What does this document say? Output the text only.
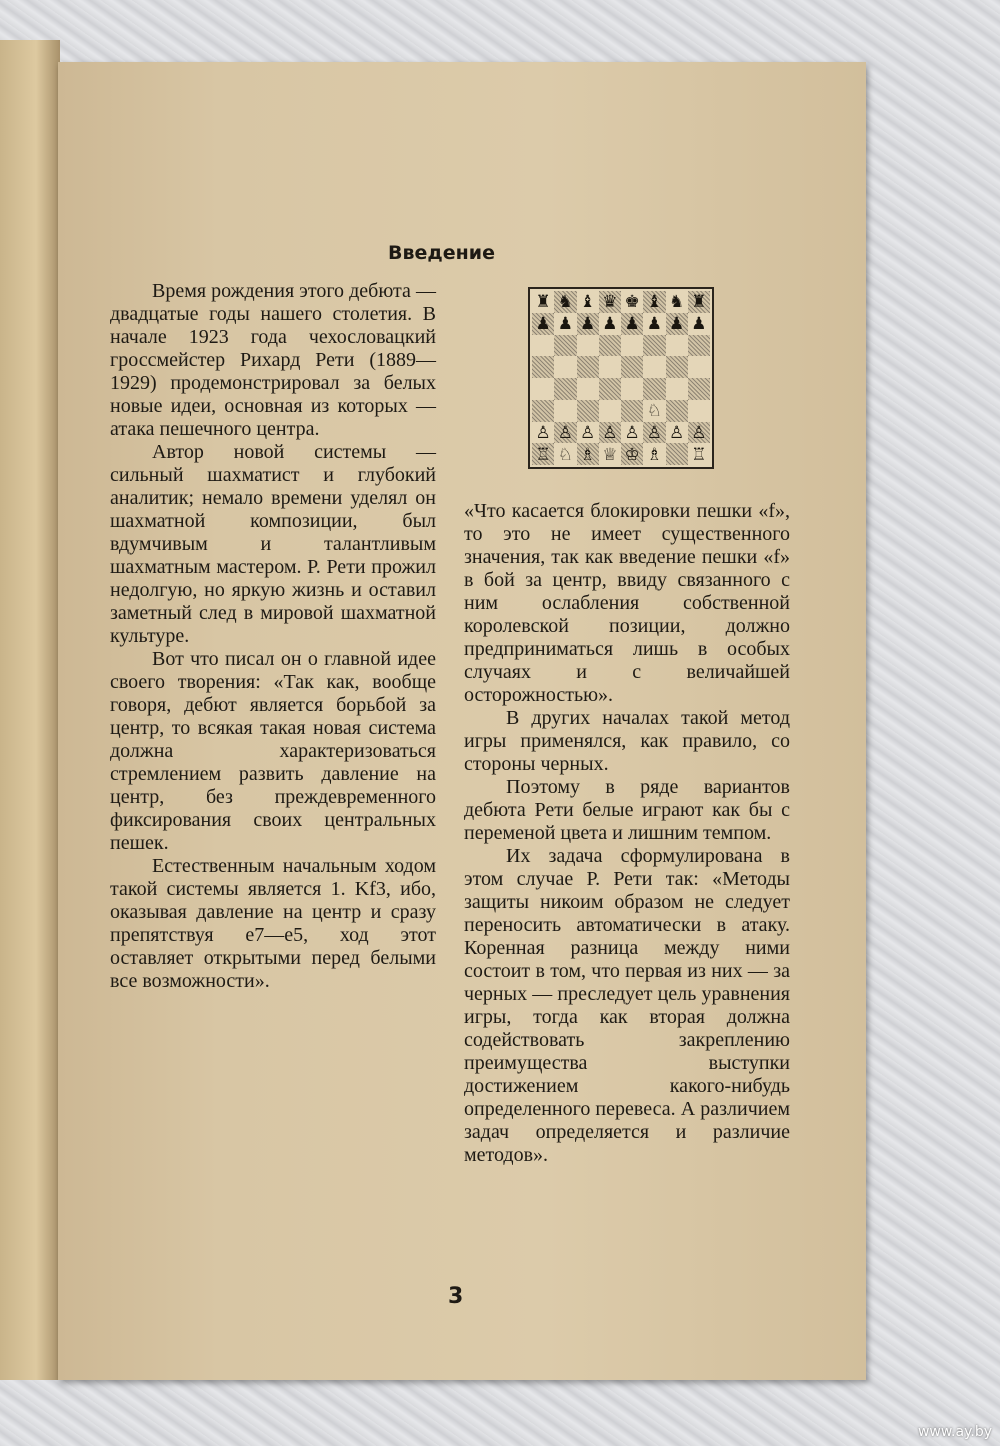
Введение

Время рождения этого дебюта — двадцатые годы нашего столетия. В начале 1923 года чехословацкий гроссмейстер Рихард Рети (1889—1929) продемонстрировал за белых новые идеи, основная из которых — атака пешечного центра.

Автор новой системы — сильный шахматист и глубокий аналитик; немало времени уделял он шахматной композиции, был вдумчивым и талантливым шахматным мастером. Р. Рети прожил недолгую, но яркую жизнь и оставил заметный след в мировой шахматной культуре.

Вот что писал он о главной идее своего творения: «Так как, вообще говоря, дебют является борьбой за центр, то всякая такая новая система должна характеризоваться стремлением развить давление на центр, без преждевременного фиксирования своих центральных пешек.

Естественным начальным ходом такой системы является 1. Kf3, ибо, оказывая давление на центр и сразу препятствуя е7—е5, ход этот оставляет открытыми перед белыми все возможности».

♜ ♞ ♝ ♛ ♚ ♝ ♞ ♜
♟ ♟ ♟ ♟ ♟ ♟ ♟ ♟
♘
♙ ♙ ♙ ♙ ♙ ♙ ♙ ♙
♖ ♘ ♗ ♕ ♔ ♗ ♖

«Что касается блокировки пешки «f», то это не имеет существенного значения, так как введение пешки «f» в бой за центр, ввиду связанного с ним ослабления собственной королевской позиции, должно предприниматься лишь в особых случаях и с величайшей осторожностью».

В других началах такой метод игры применялся, как правило, со стороны черных.

Поэтому в ряде вариантов дебюта Рети белые играют как бы с переменой цвета и лишним темпом.

Их задача сформулирована в этом случае Р. Рети так: «Методы защиты никоим образом не следует переносить автоматически в атаку. Коренная разница между ними состоит в том, что первая из них — за черных — преследует цель уравнения игры, тогда как вторая должна содействовать закреплению преимущества выступки достижением какого-нибудь определенного перевеса. А различием задач определяется и различие методов».

3
www.ay.by
